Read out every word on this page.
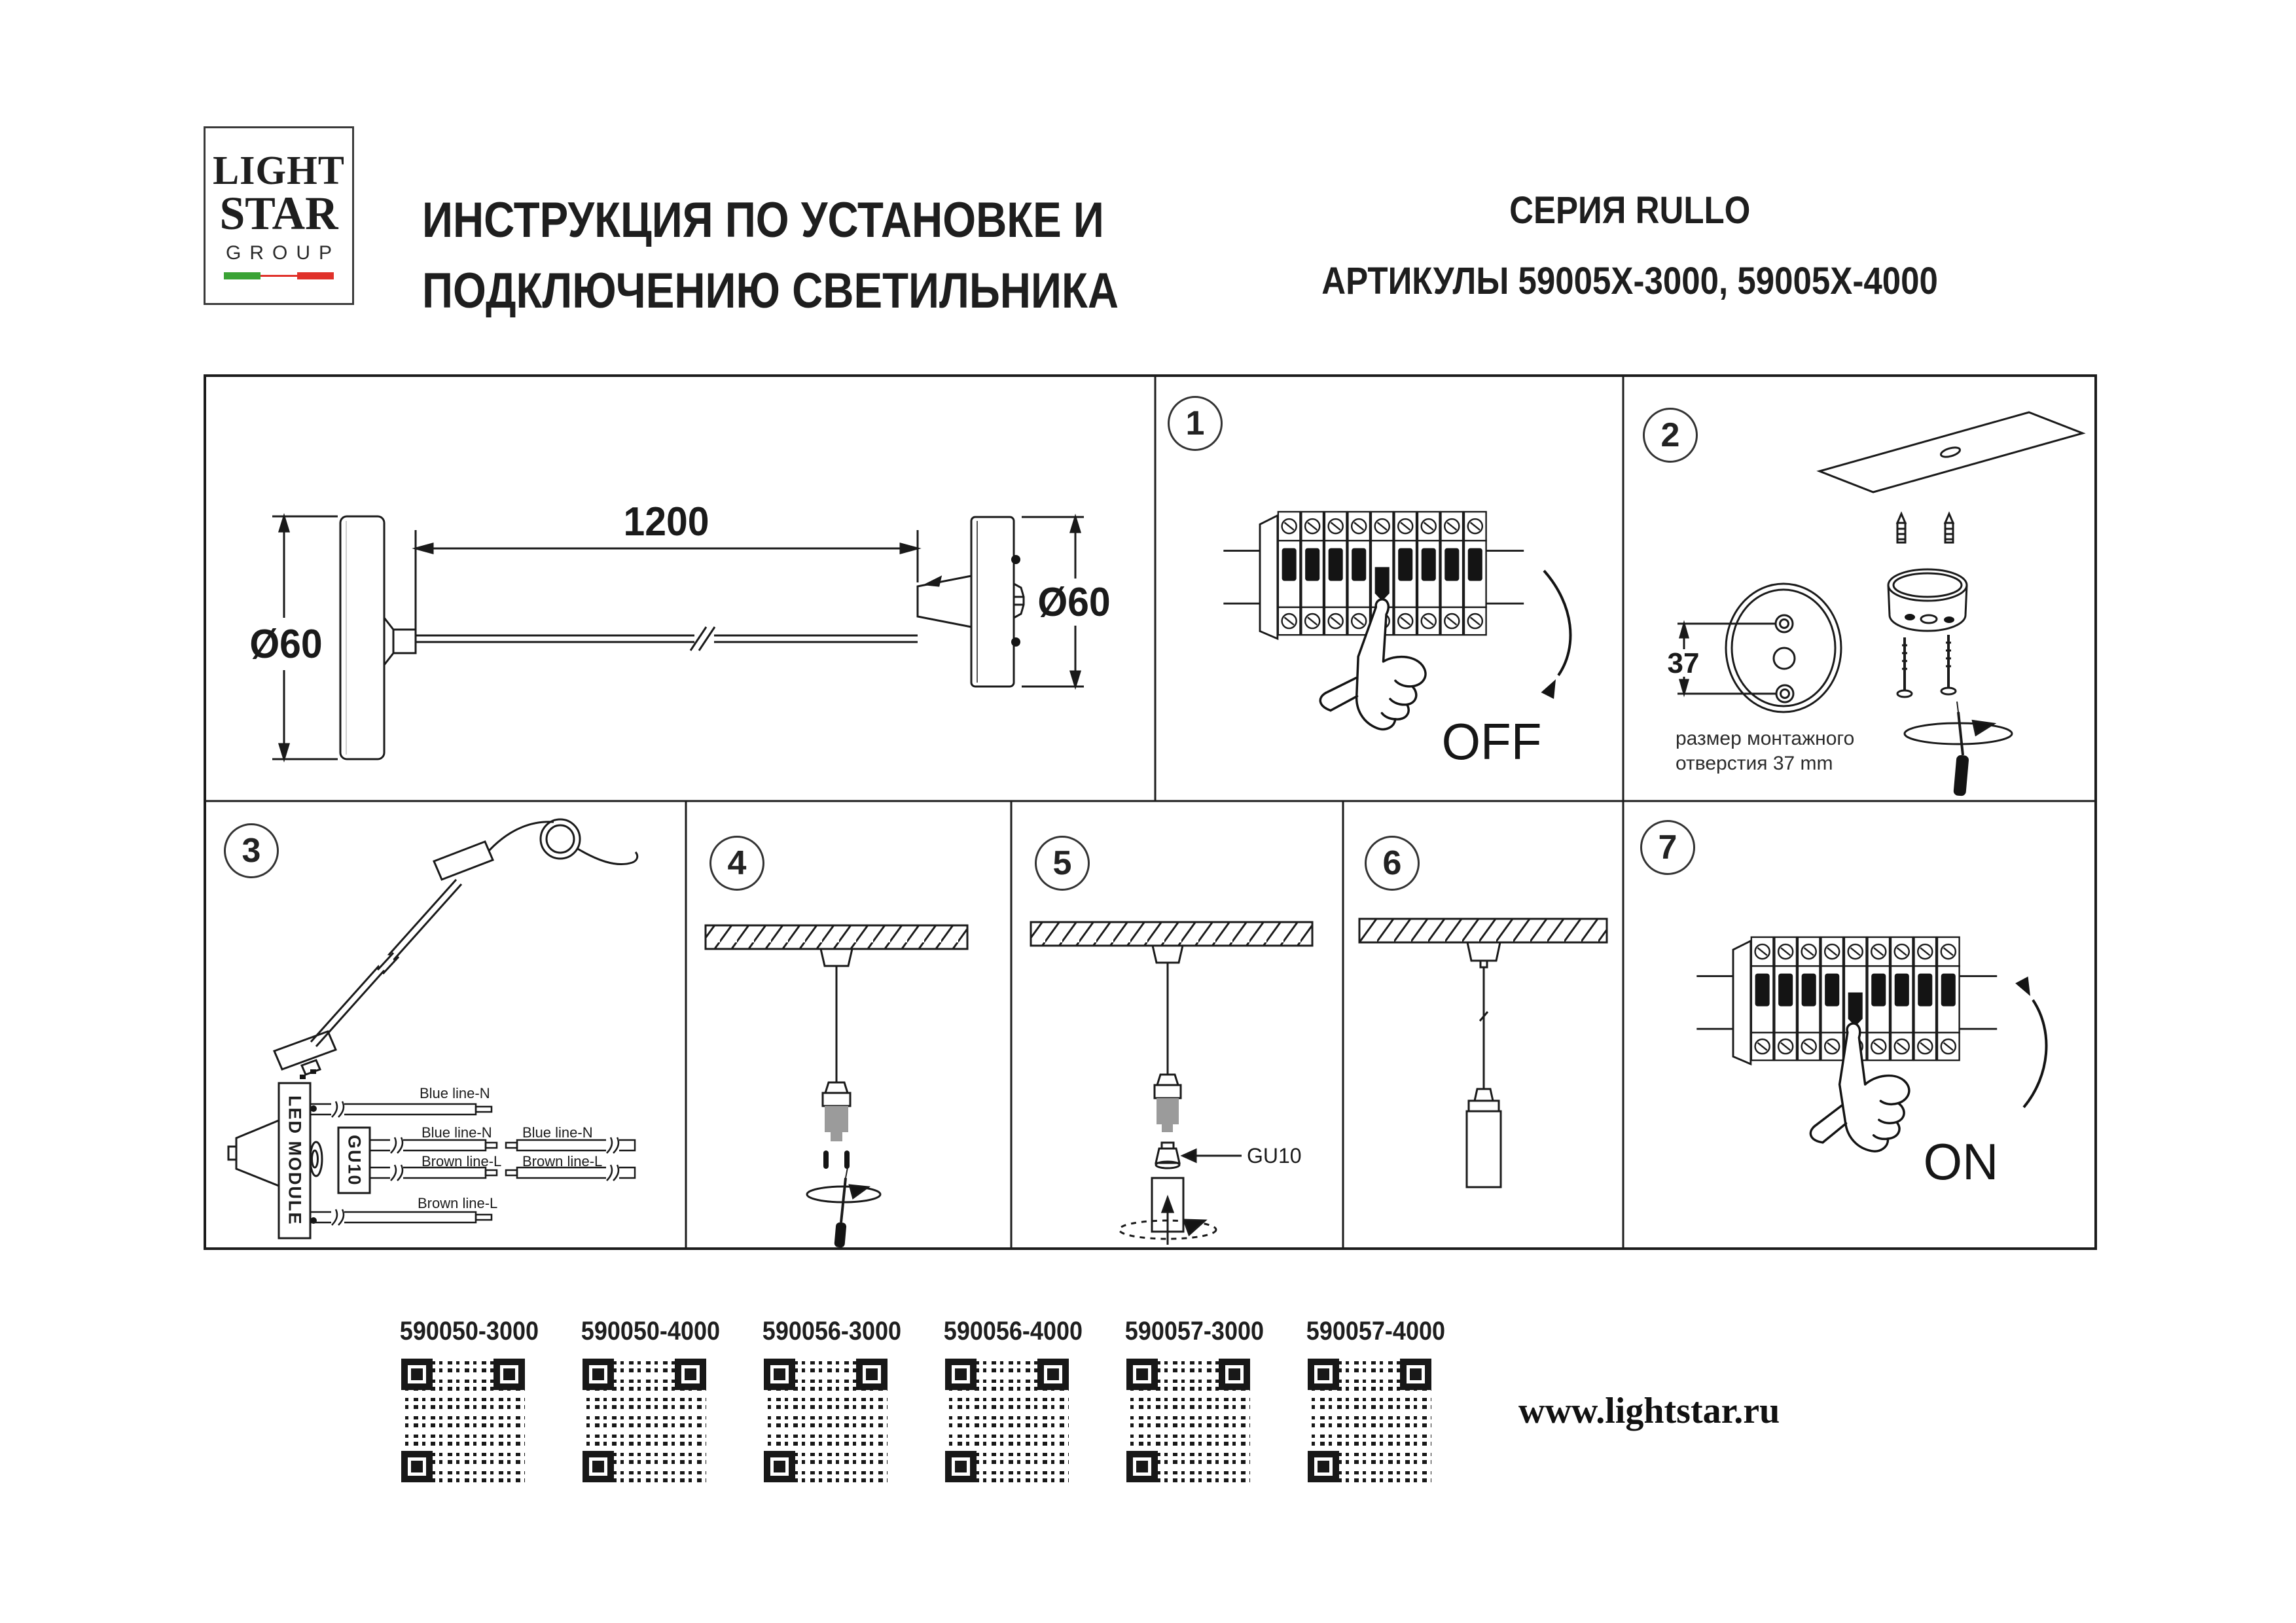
LIGHT
STAR
GROUP
ИНСТРУКЦИЯ ПО УСТАНОВКЕ И
ПОДКЛЮЧЕНИЮ СВЕТИЛЬНИКА
СЕРИЯ RULLO
АРТИКУЛЫ 59005X-3000, 59005X-4000
1	2
3	4	5	6	7
Ø60
1200
Ø60
OFF
ON
37
размер монтажного
отверстия 37 mm
LED MODULE	GU10
Blue line-N
Blue line-N
Brown line-L
Brown line-L
Blue line-N
Brown line-L	GU10
590050-3000 590050-4000 590056-3000 590056-4000 590057-3000 590057-4000
www.lightstar.ru
